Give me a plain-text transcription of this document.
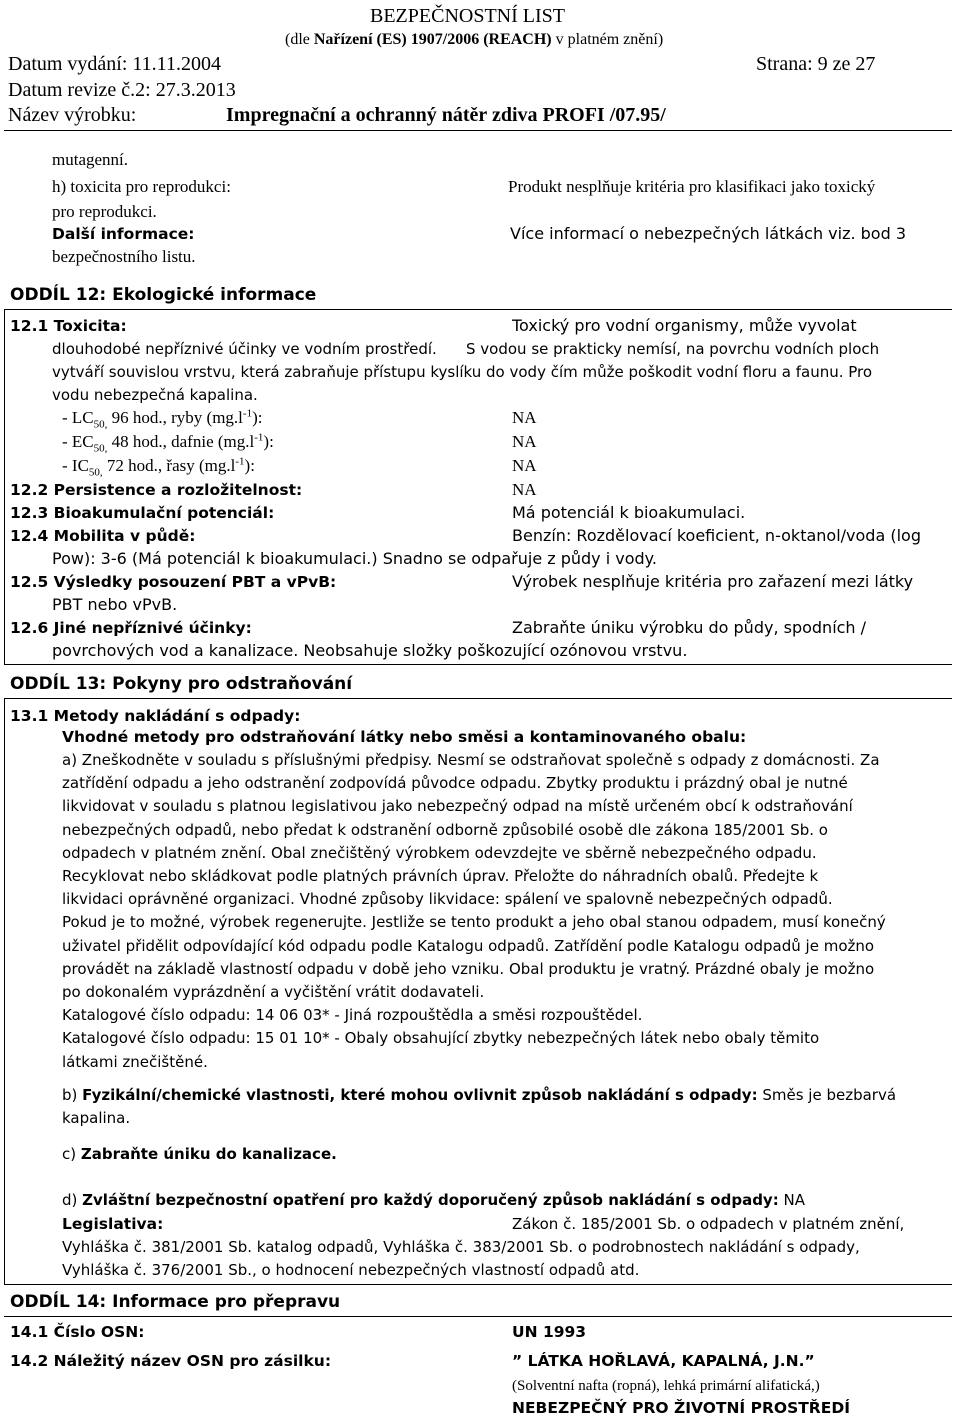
BEZPEČNOSTNÍ LIST
(dle Nařízení (ES) 1907/2006 (REACH) v platném znění)
Datum vydání: 11.11.2004	Strana: 9 ze 27
Datum revize č.2: 27.3.2013
Název výrobku:	Impregnační a ochranný nátěr zdiva PROFI /07.95/
mutagenní.
h) toxicita pro reprodukci:	Produkt nesplňuje kritéria pro klasifikaci jako toxický
pro reprodukci.
Další informace:	Více informací o nebezpečných látkách viz. bod 3
bezpečnostního listu.
ODDÍL 12: Ekologické informace
12.1 Toxicita:	Toxický pro vodní organismy, může vyvolat
dlouhodobé nepříznivé účinky ve vodním prostředí. S vodou se prakticky nemísí, na povrchu vodních ploch
vytváří souvislou vrstvu, která zabraňuje přístupu kyslíku do vody čím může poškodit vodní floru a faunu. Pro
vodu nebezpečná kapalina.
- $LC_{50,}$ 96 hod., ryby $(mg.l^{-1})$:	NA
- $EC_{50,}$ 48 hod., dafnie $(mg.l^{-1})$:	NA
- $IC_{50,}$ 72 hod., řasy $(mg.l^{-1})$:	NA
12.2 Persistence a rozložitelnost:	NA
12.3 Bioakumulační potenciál:	Má potenciál k bioakumulaci.
12.4 Mobilita v půdě:	Benzín: Rozdělovací koeficient, n-oktanol/voda (log
Pow): 3-6 (Má potenciál k bioakumulaci.) Snadno se odpařuje z půdy i vody.
12.5 Výsledky posouzení PBT a vPvB:	Výrobek nesplňuje kritéria pro zařazení mezi látky
PBT nebo vPvB.
12.6 Jiné nepříznivé účinky:	Zabraňte úniku výrobku do půdy, spodních /
povrchových vod a kanalizace. Neobsahuje složky poškozující ozónovou vrstvu.
ODDÍL 13: Pokyny pro odstraňování
13.1 Metody nakládání s odpady:
Vhodné metody pro odstraňování látky nebo směsi a kontaminovaného obalu:
a) Zneškodněte v souladu s příslušnými předpisy. Nesmí se odstraňovat společně s odpady z domácnosti. Za
zatřídění odpadu a jeho odstranění zodpovídá původce odpadu. Zbytky produktu i prázdný obal je nutné
likvidovat v souladu s platnou legislativou jako nebezpečný odpad na místě určeném obcí k odstraňování
nebezpečných odpadů, nebo předat k odstranění odborně způsobilé osobě dle zákona 185/2001 Sb. o
odpadech v platném znění. Obal znečištěný výrobkem odevzdejte ve sběrně nebezpečného odpadu.
Recyklovat nebo skládkovat podle platných právních úprav. Přeložte do náhradních obalů. Předejte k
likvidaci oprávněné organizaci. Vhodné způsoby likvidace: spálení ve spalovně nebezpečných odpadů.
Pokud je to možné, výrobek regenerujte. Jestliže se tento produkt a jeho obal stanou odpadem, musí konečný
uživatel přidělit odpovídající kód odpadu podle Katalogu odpadů. Zatřídění podle Katalogu odpadů je možno
provádět na základě vlastností odpadu v době jeho vzniku. Obal produktu je vratný. Prázdné obaly je možno
po dokonalém vyprázdnění a vyčištění vrátit dodavateli.
Katalogové číslo odpadu: 14 06 03* - Jiná rozpouštědla a směsi rozpouštědel.
Katalogové číslo odpadu: 15 01 10* - Obaly obsahující zbytky nebezpečných látek nebo obaly těmito
látkami znečištěné.
b) Fyzikální/chemické vlastnosti, které mohou ovlivnit způsob nakládání s odpady: Směs je bezbarvá
kapalina.
c) Zabraňte úniku do kanalizace.
d) Zvláštní bezpečnostní opatření pro každý doporučený způsob nakládání s odpady: NA
Legislativa:	Zákon č. 185/2001 Sb. o odpadech v platném znění,
Vyhláška č. 381/2001 Sb. katalog odpadů, Vyhláška č. 383/2001 Sb. o podrobnostech nakládání s odpady,
Vyhláška č. 376/2001 Sb., o hodnocení nebezpečných vlastností odpadů atd.
ODDÍL 14: Informace pro přepravu
14.1 Číslo OSN:	UN 1993
14.2 Náležitý název OSN pro zásilku:	” LÁTKA HOŘLAVÁ, KAPALNÁ, J.N.”
(Solventní nafta (ropná), lehká primární alifatická,)
NEBEZPEČNÝ PRO ŽIVOTNÍ PROSTŘEDÍ
